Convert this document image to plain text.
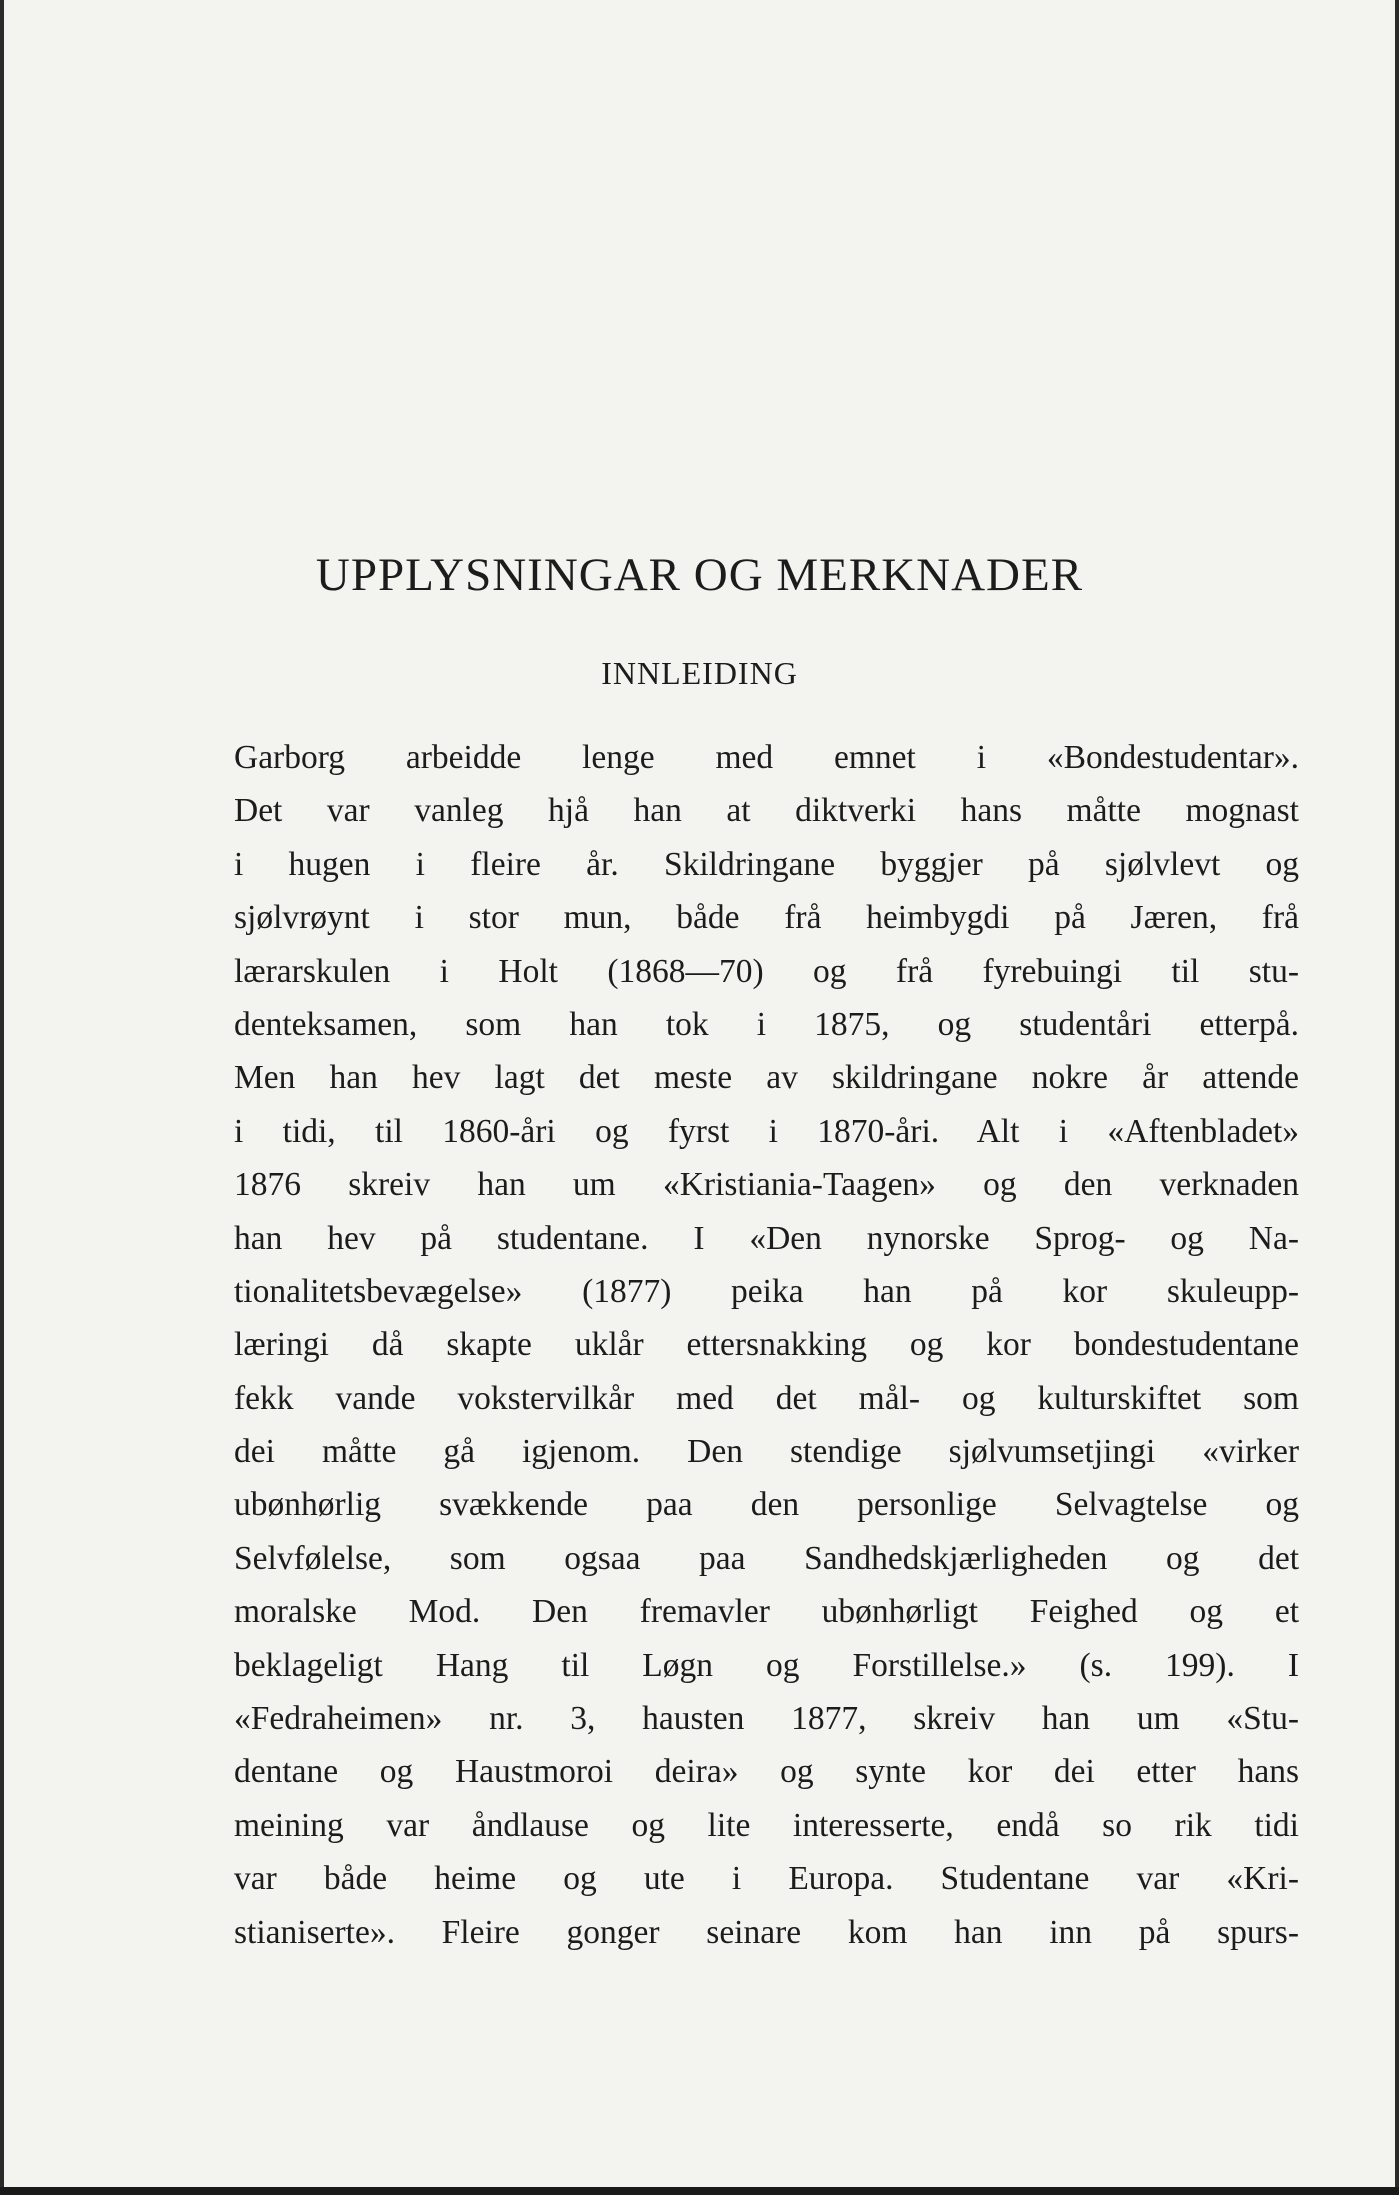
UPPLYSNINGAR OG MERKNADER
INNLEIDING
Garborg arbeidde lenge med emnet i «Bondestudentar».
Det var vanleg hjå han at diktverki hans måtte mognast
i hugen i fleire år. Skildringane byggjer på sjølvlevt og
sjølvrøynt i stor mun, både frå heimbygdi på Jæren, frå
lærarskulen i Holt (1868—70) og frå fyrebuingi til stu-
denteksamen, som han tok i 1875, og studentåri etterpå.
Men han hev lagt det meste av skildringane nokre år attende
i tidi, til 1860-åri og fyrst i 1870-åri. Alt i «Aftenbladet»
1876 skreiv han um «Kristiania-Taagen» og den verknaden
han hev på studentane. I «Den nynorske Sprog- og Na-
tionalitetsbevægelse» (1877) peika han på kor skuleupp-
læringi då skapte uklår ettersnakking og kor bondestudentane
fekk vande vokstervilkår med det mål- og kulturskiftet som
dei måtte gå igjenom. Den stendige sjølvumsetjingi «virker
ubønhørlig svækkende paa den personlige Selvagtelse og
Selvfølelse, som ogsaa paa Sandhedskjærligheden og det
moralske Mod. Den fremavler ubønhørligt Feighed og et
beklageligt Hang til Løgn og Forstillelse.» (s. 199). I
«Fedraheimen» nr. 3, hausten 1877, skreiv han um «Stu-
dentane og Haustmoroi deira» og synte kor dei etter hans
meining var åndlause og lite interesserte, endå so rik tidi
var både heime og ute i Europa. Studentane var «Kri-
stianiserte». Fleire gonger seinare kom han inn på spurs-
